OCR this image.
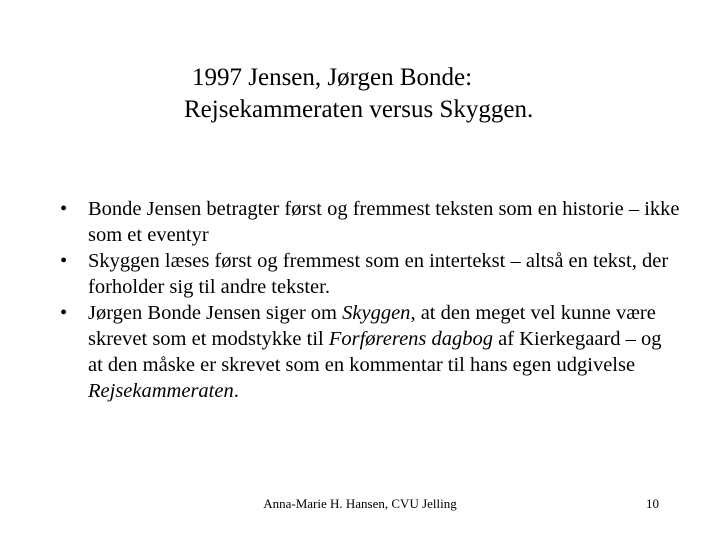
1997 Jensen, Jørgen Bonde:
Rejsekammeraten versus Skyggen.
• Bonde Jensen betragter først og fremmest teksten som en historie – ikke som et eventyr
• Skyggen læses først og fremmest som en intertekst – altså en tekst, der forholder sig til andre tekster.
• Jørgen Bonde Jensen siger om Skyggen, at den meget vel kunne være skrevet som et modstykke til Forførerens dagbog af Kierkegaard – og at den måske er skrevet som en kommentar til hans egen udgivelse Rejsekammeraten.
Anna-Marie H. Hansen, CVU Jelling	10
